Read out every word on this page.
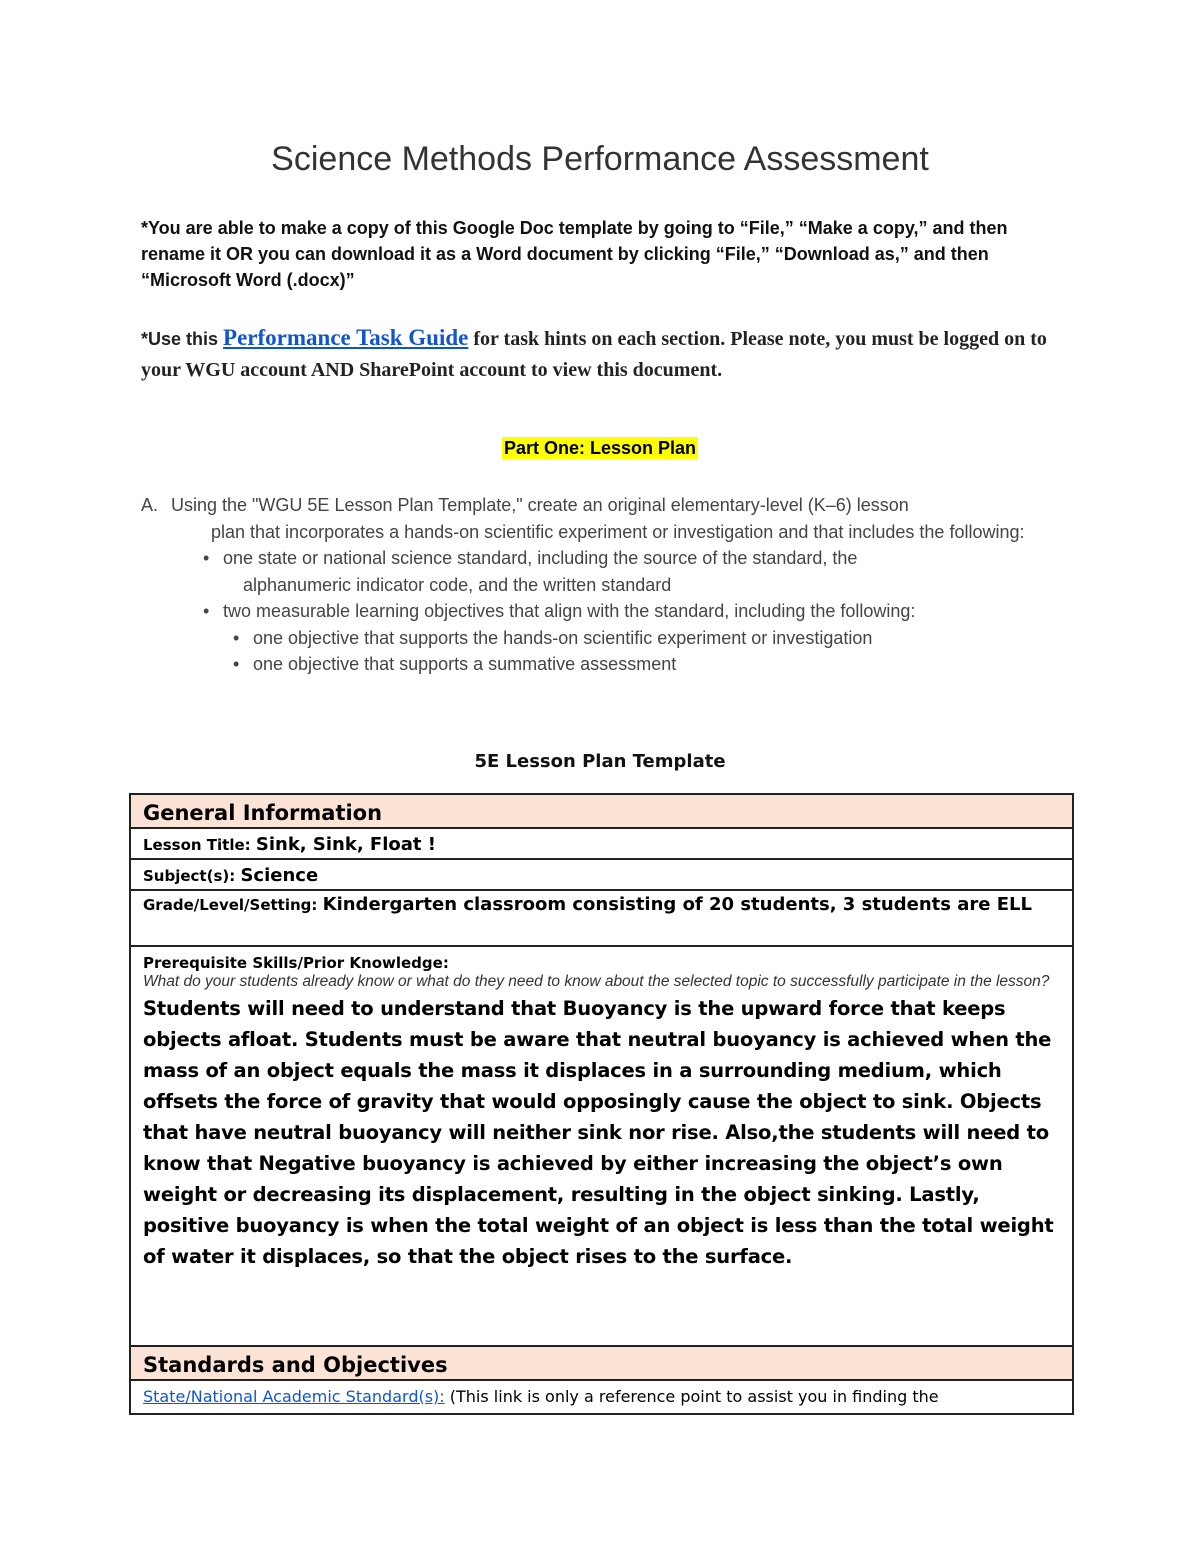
Science Methods Performance Assessment
*You are able to make a copy of this Google Doc template by going to “File,” “Make a copy,” and then rename it OR you can download it as a Word document by clicking “File,” “Download as,” and then “Microsoft Word (.docx)”
*Use this Performance Task Guide for task hints on each section. Please note, you must be logged on to your WGU account AND SharePoint account to view this document.
Part One: Lesson Plan
A. Using the "WGU 5E Lesson Plan Template," create an original elementary-level (K–6) lesson
plan that incorporates a hands-on scientific experiment or investigation and that includes the following:
• one state or national science standard, including the source of the standard, the
alphanumeric indicator code, and the written standard
• two measurable learning objectives that align with the standard, including the following:
• one objective that supports the hands-on scientific experiment or investigation
• one objective that supports a summative assessment
5E Lesson Plan Template
General Information
Lesson Title: Sink, Sink, Float !
Subject(s): Science
Grade/Level/Setting: Kindergarten classroom consisting of 20 students, 3 students are ELL
Prerequisite Skills/Prior Knowledge:
What do your students already know or what do they need to know about the selected topic to successfully participate in the lesson?
Students will need to understand that Buoyancy is the upward force that keeps objects afloat. Students must be aware that neutral buoyancy is achieved when the mass of an object equals the mass it displaces in a surrounding medium, which offsets the force of gravity that would opposingly cause the object to sink. Objects that have neutral buoyancy will neither sink nor rise. Also,the students will need to know that Negative buoyancy is achieved by either increasing the object’s own weight or decreasing its displacement, resulting in the object sinking. Lastly, positive buoyancy is when the total weight of an object is less than the total weight of water it displaces, so that the object rises to the surface.
Standards and Objectives
State/National Academic Standard(s): (This link is only a reference point to assist you in finding the
